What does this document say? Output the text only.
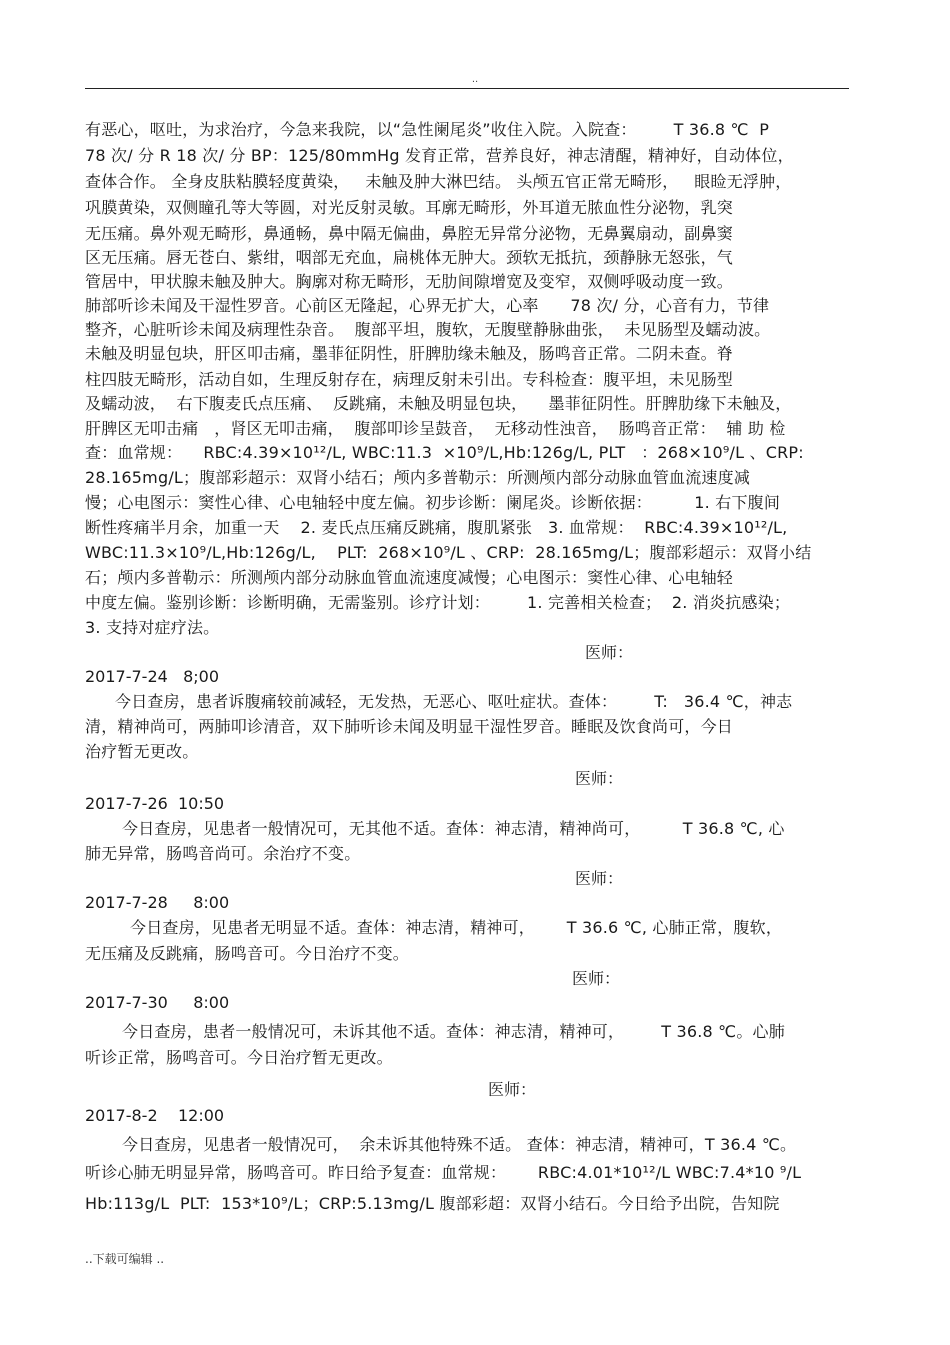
..
有恶心，呕吐，为求治疗，今急来我院，以“急性阑尾炎”收住入院。入院查：       T 36.8 ℃  P
78 次/ 分 R 18 次/ 分 BP：125/80mmHg 发育正常，营养良好，神志清醒，精神好，自动体位，
查体合作。 全身皮肤粘膜轻度黄染，   未触及肿大淋巴结。 头颅五官正常无畸形，   眼睑无浮肿，
巩膜黄染，双侧瞳孔等大等圆，对光反射灵敏。耳廓无畸形，外耳道无脓血性分泌物，乳突
无压痛。鼻外观无畸形，鼻通畅，鼻中隔无偏曲，鼻腔无异常分泌物，无鼻翼扇动，副鼻窦
区无压痛。唇无苍白、紫绀，咽部无充血，扁桃体无肿大。颈软无抵抗，颈静脉无怒张，气
管居中，甲状腺未触及肿大。胸廓对称无畸形，无肋间隙增宽及变窄，双侧呼吸动度一致。
肺部听诊未闻及干湿性罗音。心前区无隆起，心界无扩大，心率      78 次/ 分，心音有力，节律
整齐，心脏听诊未闻及病理性杂音。  腹部平坦，腹软，无腹壁静脉曲张，  未见肠型及蠕动波。
未触及明显包块，肝区叩击痛，墨菲征阴性，肝脾肋缘未触及，肠鸣音正常。二阴未查。脊
柱四肢无畸形，活动自如，生理反射存在，病理反射未引出。专科检查：腹平坦，未见肠型
及蠕动波，  右下腹麦氏点压痛、  反跳痛，未触及明显包块，    墨菲征阴性。肝脾肋缘下未触及，
肝脾区无叩击痛   ，肾区无叩击痛，  腹部叩诊呈鼓音，  无移动性浊音，  肠鸣音正常：  辅 助 检
查：血常规：    RBC:4.39×10¹²/L, WBC:11.3  ×10⁹/L,Hb:126g/L, PLT   ：268×10⁹/L 、CRP:
28.165mg/L；腹部彩超示：双肾小结石；颅内多普勒示：所测颅内部分动脉血管血流速度减
慢；心电图示：窦性心律、心电轴轻中度左偏。初步诊断：阑尾炎。诊断依据：        1. 右下腹间
断性疼痛半月余，加重一天    2. 麦氏点压痛反跳痛，腹肌紧张   3. 血常规：  RBC:4.39×10¹²/L,
WBC:11.3×10⁹/L,Hb:126g/L,    PLT:  268×10⁹/L 、CRP:  28.165mg/L；腹部彩超示：双肾小结
石；颅内多普勒示：所测颅内部分动脉血管血流速度减慢；心电图示：窦性心律、心电轴轻
中度左偏。鉴别诊断：诊断明确，无需鉴别。诊疗计划：       1. 完善相关检查；  2. 消炎抗感染；
3. 支持对症疗法。
医师：
2017-7-24   8;00
今日查房，患者诉腹痛较前减轻，无发热，无恶心、呕吐症状。查体：       T:   36.4 ℃，神志
清，精神尚可，两肺叩诊清音，双下肺听诊未闻及明显干湿性罗音。睡眠及饮食尚可，今日
治疗暂无更改。
医师：
2017-7-26  10:50
今日查房，见患者一般情况可，无其他不适。查体：神志清，精神尚可，        T 36.8 ℃, 心
肺无异常，肠鸣音尚可。余治疗不变。
医师：
2017-7-28     8:00
今日查房，见患者无明显不适。查体：神志清，精神可，      T 36.6 ℃, 心肺正常，腹软，
无压痛及反跳痛，肠鸣音可。今日治疗不变。
医师：
2017-7-30     8:00
今日查房，患者一般情况可，未诉其他不适。查体：神志清，精神可，       T 36.8 ℃。心肺
听诊正常，肠鸣音可。今日治疗暂无更改。
医师：
2017-8-2    12:00
今日查房，见患者一般情况可，  余未诉其他特殊不适。 查体：神志清，精神可，T 36.4 ℃。
听诊心肺无明显异常，肠鸣音可。昨日给予复查：血常规：      RBC:4.01*10¹²/L WBC:7.4*10 ⁹/L
Hb:113g/L  PLT:  153*10⁹/L；CRP:5.13mg/L 腹部彩超：双肾小结石。今日给予出院，告知院
..下载可编辑 ..
